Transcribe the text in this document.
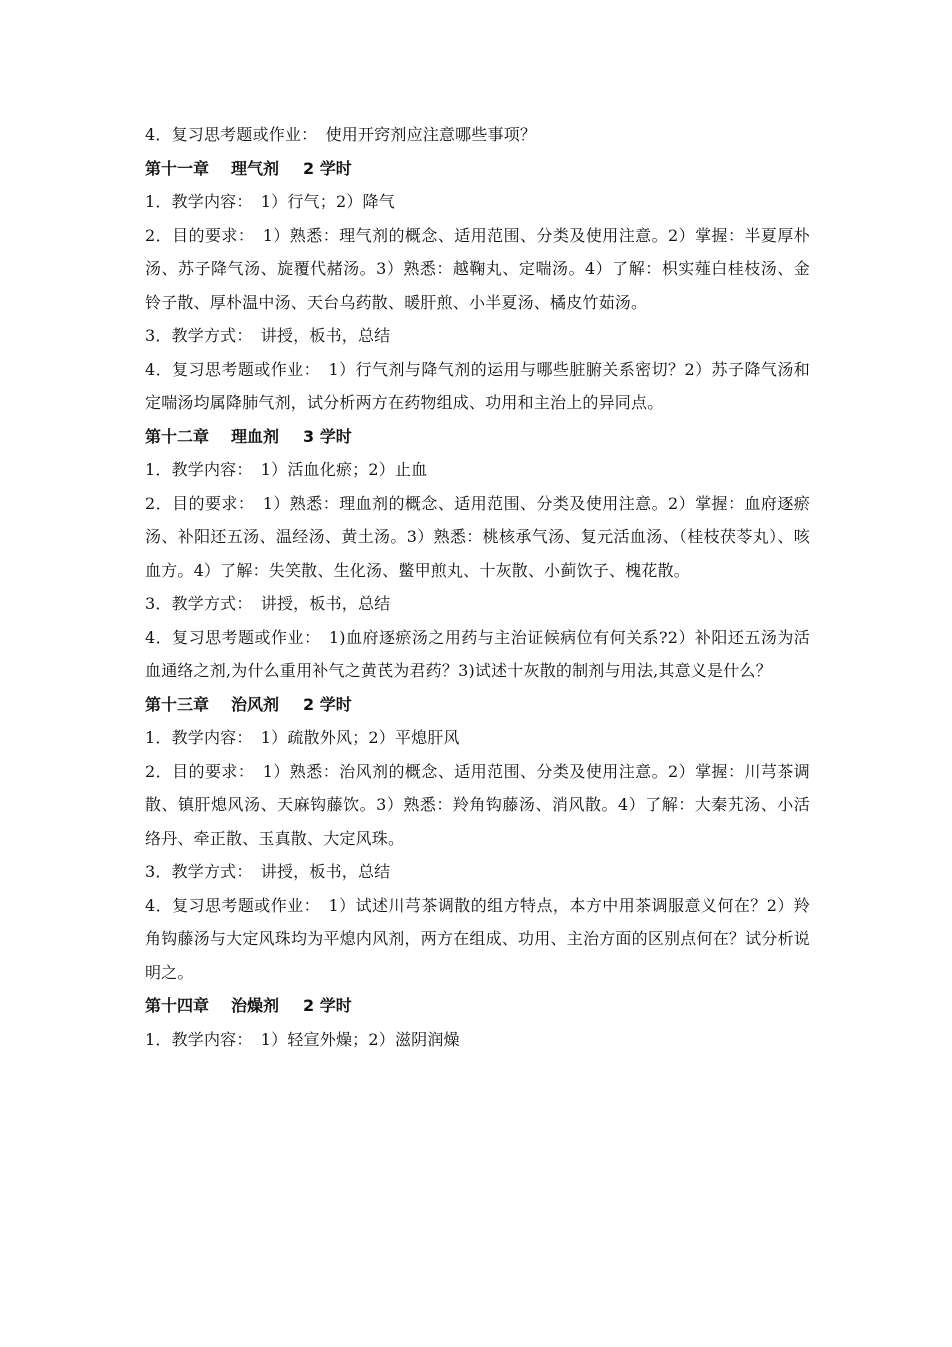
4．复习思考题或作业：　使用开窍剂应注意哪些事项？
第十一章 理气剂 2 学时
1．教学内容：　1）行气；2）降气
2．目的要求：　1）熟悉：理气剂的概念、适用范围、分类及使用注意。2）掌握：半夏厚朴汤、苏子降气汤、旋覆代赭汤。3）熟悉：越鞠丸、定喘汤。4）了解：枳实薤白桂枝汤、金铃子散、厚朴温中汤、天台乌药散、暖肝煎、小半夏汤、橘皮竹茹汤。
3．教学方式：　讲授，板书，总结
4．复习思考题或作业：　1）行气剂与降气剂的运用与哪些脏腑关系密切？2）苏子降气汤和定喘汤均属降肺气剂，试分析两方在药物组成、功用和主治上的异同点。
第十二章 理血剂 3 学时
1．教学内容：　1）活血化瘀；2）止血
2．目的要求：　1）熟悉：理血剂的概念、适用范围、分类及使用注意。2）掌握：血府逐瘀汤、补阳还五汤、温经汤、黄土汤。3）熟悉：桃核承气汤、复元活血汤、（桂枝茯苓丸）、咳血方。4）了解：失笑散、生化汤、鳖甲煎丸、十灰散、小蓟饮子、槐花散。
3．教学方式：　讲授，板书，总结
4．复习思考题或作业：　1)血府逐瘀汤之用药与主治证候病位有何关系?2）补阳还五汤为活血通络之剂,为什么重用补气之黄芪为君药？3)试述十灰散的制剂与用法,其意义是什么？
第十三章 治风剂 2 学时
1．教学内容：　1）疏散外风；2）平熄肝风
2．目的要求：　1）熟悉：治风剂的概念、适用范围、分类及使用注意。2）掌握：川芎茶调散、镇肝熄风汤、天麻钩藤饮。3）熟悉：羚角钩藤汤、消风散。4）了解：大秦艽汤、小活络丹、牵正散、玉真散、大定风珠。
3．教学方式：　讲授，板书，总结
4．复习思考题或作业：　1）试述川芎茶调散的组方特点，本方中用茶调服意义何在？2）羚角钩藤汤与大定风珠均为平熄内风剂，两方在组成、功用、主治方面的区别点何在？试分析说明之。
第十四章 治燥剂 2 学时
1．教学内容：　1）轻宣外燥；2）滋阴润燥
